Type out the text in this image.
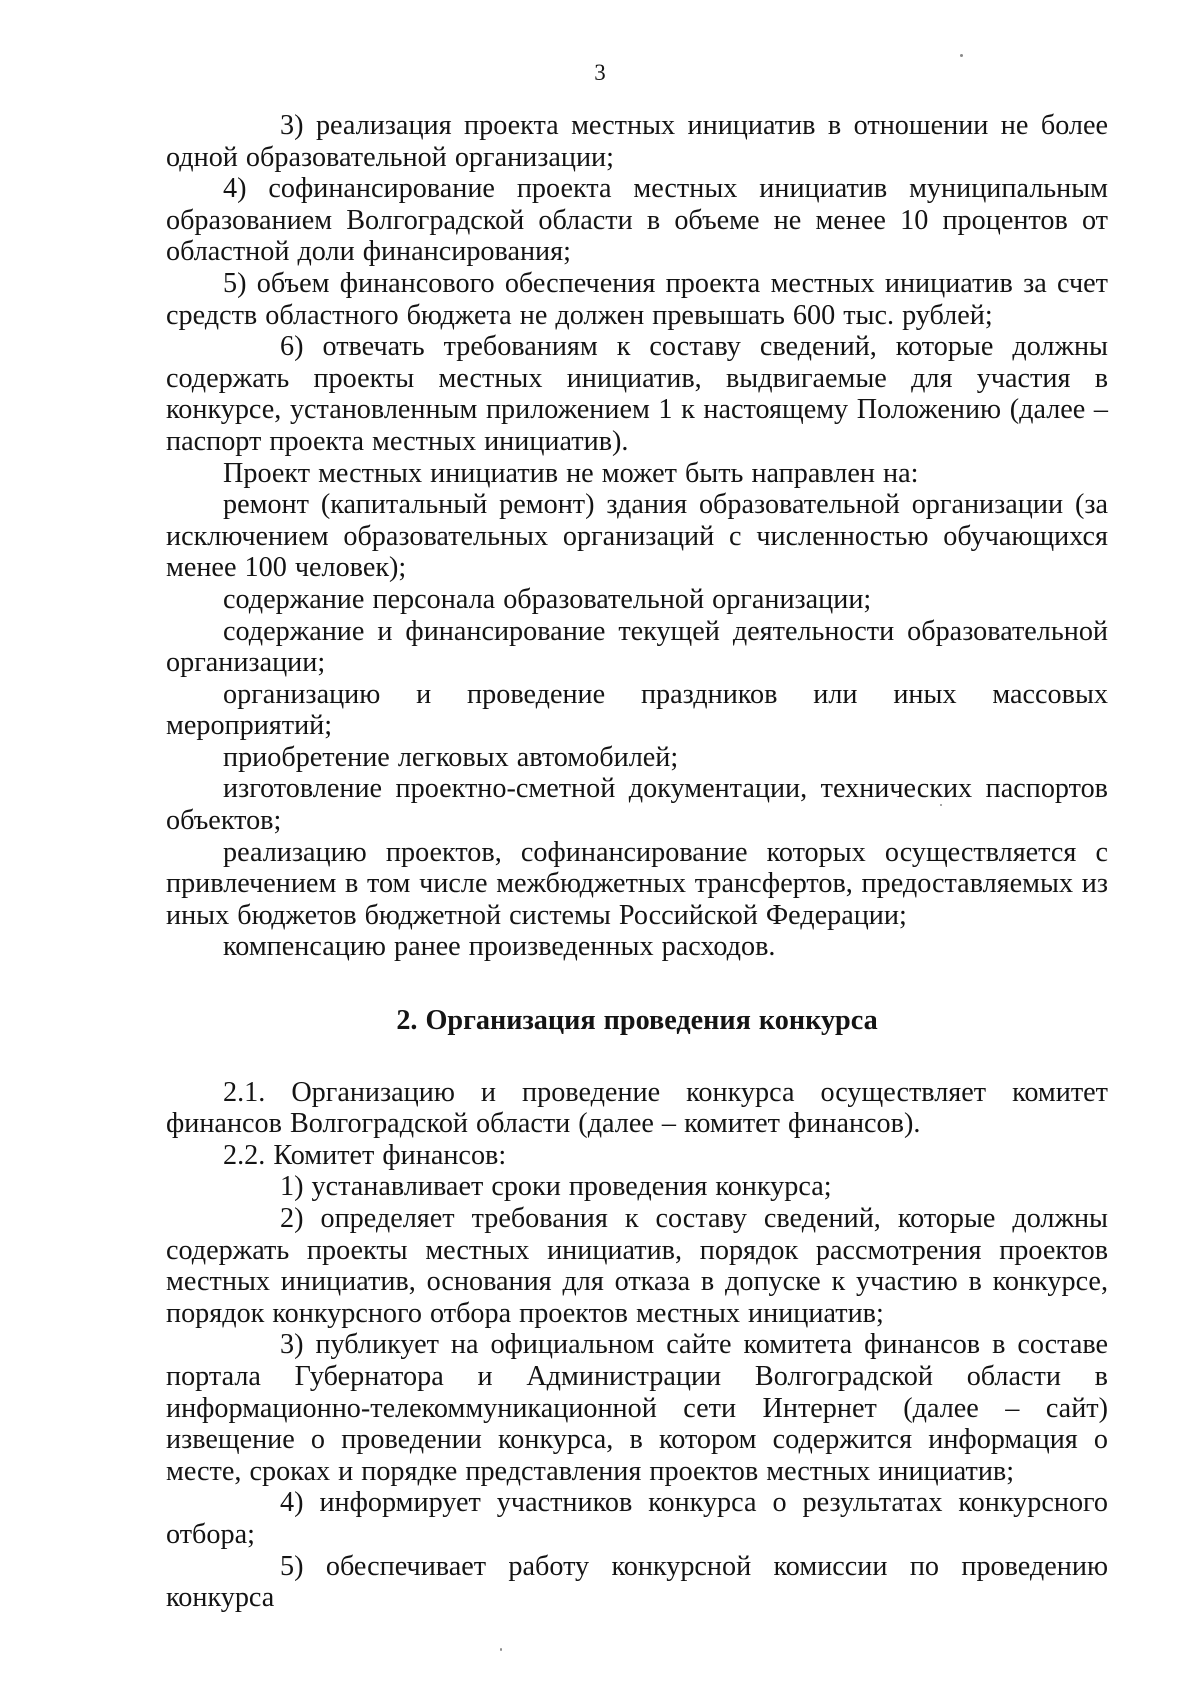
3

3) реализация проекта местных инициатив в отношении не более одной образовательной организации;

4) софинансирование проекта местных инициатив муниципальным образованием Волгоградской области в объеме не менее 10 процентов от областной доли финансирования;

5) объем финансового обеспечения проекта местных инициатив за счет средств областного бюджета не должен превышать 600 тыс. рублей;

6) отвечать требованиям к составу сведений, которые должны содержать проекты местных инициатив, выдвигаемые для участия в конкурсе, установленным приложением 1 к настоящему Положению (далее – паспорт проекта местных инициатив).

Проект местных инициатив не может быть направлен на:

ремонт (капитальный ремонт) здания образовательной организации (за исключением образовательных организаций с численностью обучающихся менее 100 человек);

содержание персонала образовательной организации;

содержание и финансирование текущей деятельности образовательной организации;

организацию и проведение праздников или иных массовых мероприятий;

приобретение легковых автомобилей;

изготовление проектно-сметной документации, технических паспортов объектов;

реализацию проектов, софинансирование которых осуществляется с привлечением в том числе межбюджетных трансфертов, предоставляемых из иных бюджетов бюджетной системы Российской Федерации;

компенсацию ранее произведенных расходов.

2. Организация проведения конкурса

2.1. Организацию и проведение конкурса осуществляет комитет финансов Волгоградской области (далее – комитет финансов).

2.2. Комитет финансов:

1) устанавливает сроки проведения конкурса;

2) определяет требования к составу сведений, которые должны содержать проекты местных инициатив, порядок рассмотрения проектов местных инициатив, основания для отказа в допуске к участию в конкурсе, порядок конкурсного отбора проектов местных инициатив;

3) публикует на официальном сайте комитета финансов в составе портала Губернатора и Администрации Волгоградской области в информационно-телекоммуникационной сети Интернет (далее – сайт) извещение о проведении конкурса, в котором содержится информация о месте, сроках и порядке представления проектов местных инициатив;

4) информирует участников конкурса о результатах конкурсного отбора;

5) обеспечивает работу конкурсной комиссии по проведению конкурса
